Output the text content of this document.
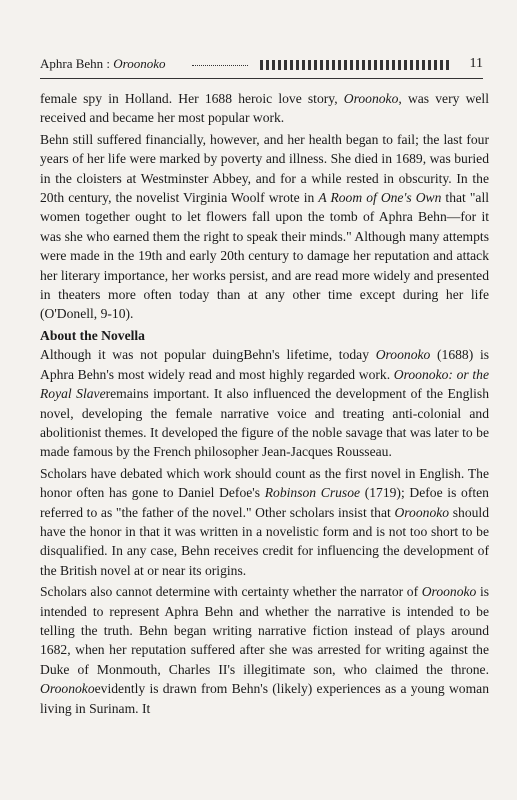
Aphra Behn : Oroonoko	11

female spy in Holland. Her 1688 heroic love story, Oroonoko, was very well received and became her most popular work.

Behn still suffered financially, however, and her health began to fail; the last four years of her life were marked by poverty and illness. She died in 1689, was buried in the cloisters at Westminster Abbey, and for a while rested in obscurity. In the 20th century, the novelist Virginia Woolf wrote in A Room of One's Own that "all women together ought to let flowers fall upon the tomb of Aphra Behn—for it was she who earned them the right to speak their minds." Although many attempts were made in the 19th and early 20th century to damage her reputation and attack her literary importance, her works persist, and are read more widely and presented in theaters more often today than at any other time except during her life (O'Donell, 9-10).

About the Novella

Although it was not popular duingBehn's lifetime, today Oroonoko (1688) is Aphra Behn's most widely read and most highly regarded work. Oroonoko: or the Royal Slaveremains important. It also influenced the development of the English novel, developing the female narrative voice and treating anti-colonial and abolitionist themes. It developed the figure of the noble savage that was later to be made famous by the French philosopher Jean-Jacques Rousseau.

Scholars have debated which work should count as the first novel in English. The honor often has gone to Daniel Defoe's Robinson Crusoe (1719); Defoe is often referred to as "the father of the novel." Other scholars insist that Oroonoko should have the honor in that it was written in a novelistic form and is not too short to be disqualified. In any case, Behn receives credit for influencing the development of the British novel at or near its origins.

Scholars also cannot determine with certainty whether the narrator of Oroonoko is intended to represent Aphra Behn and whether the narrative is intended to be telling the truth. Behn began writing narrative fiction instead of plays around 1682, when her reputation suffered after she was arrested for writing against the Duke of Monmouth, Charles II's illegitimate son, who claimed the throne. Oroonokoevidently is drawn from Behn's (likely) experiences as a young woman living in Surinam. It
